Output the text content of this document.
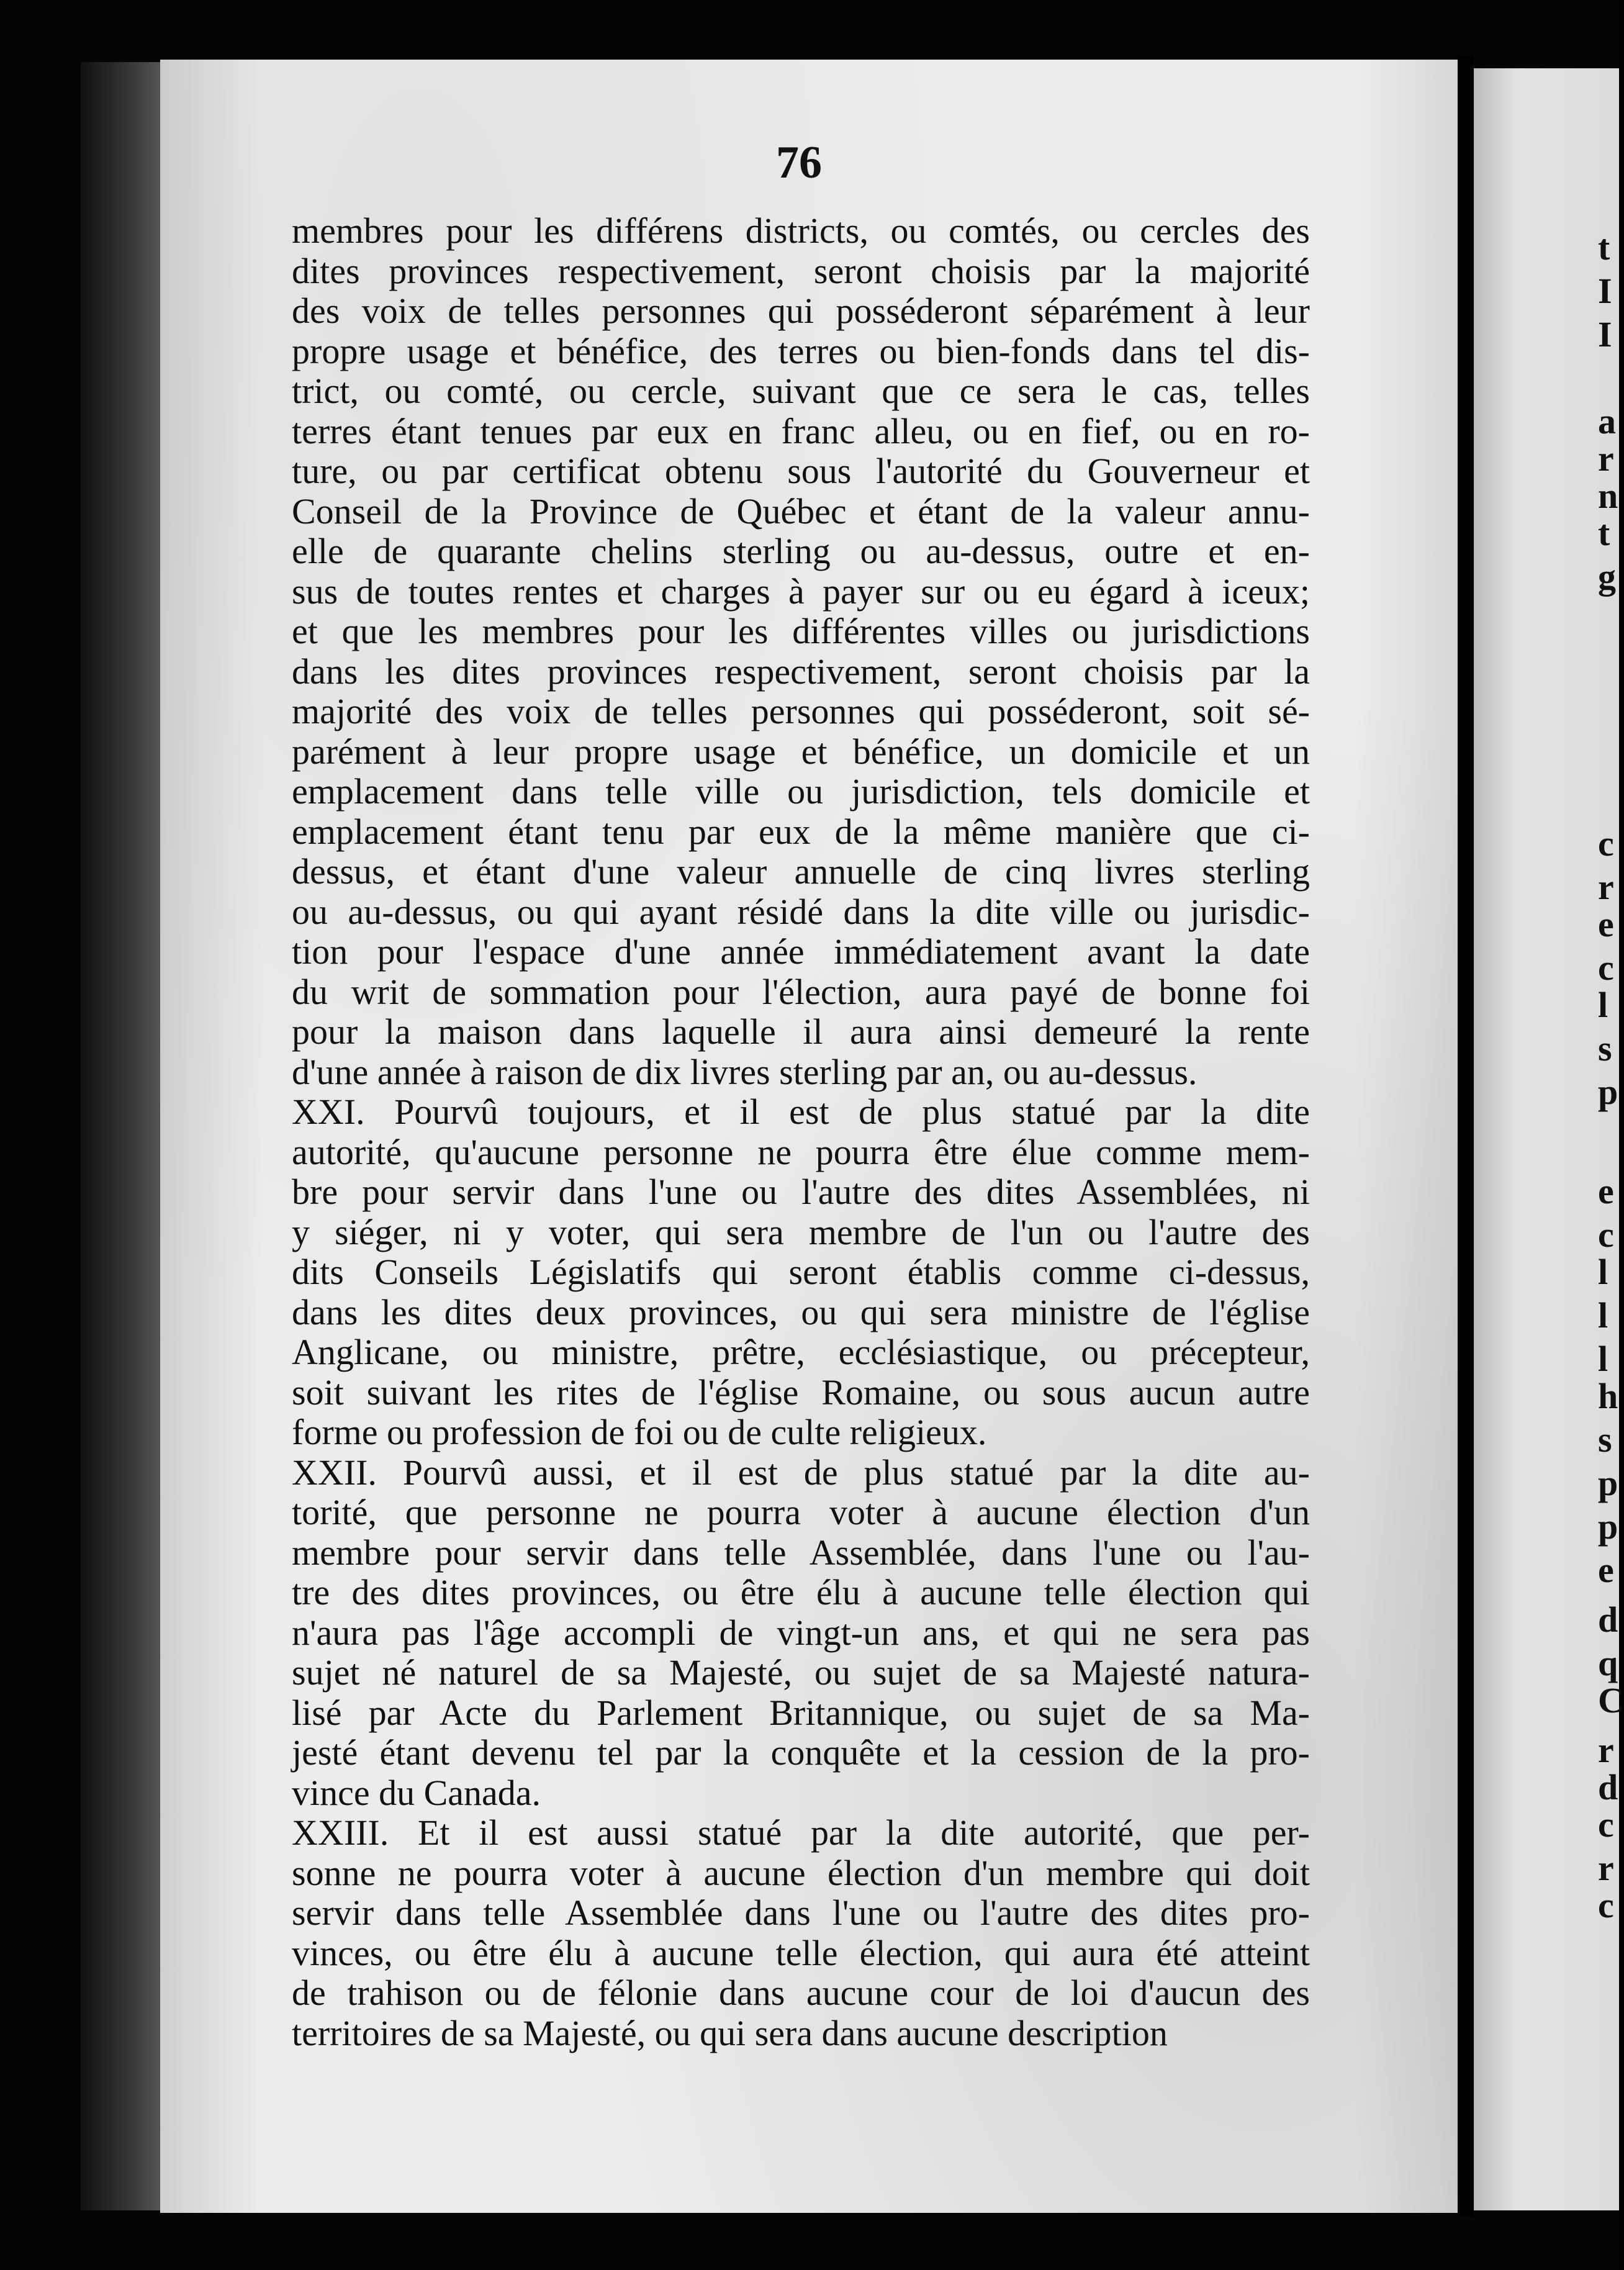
t
I
I
a
r
n
t
g
c
r
e
c
l
s
p
e
c
l
l
l
h
s
p
p
e
d
q
C
r
d
c
r
c
76
membres pour les différens districts, ou comtés, ou cercles des
dites provinces respectivement, seront choisis par la majorité
des voix de telles personnes qui posséderont séparément à leur
propre usage et bénéfice, des terres ou bien-fonds dans tel dis-
trict, ou comté, ou cercle, suivant que ce sera le cas, telles
terres étant tenues par eux en franc alleu, ou en fief, ou en ro-
ture, ou par certificat obtenu sous l'autorité du Gouverneur et
Conseil de la Province de Québec et étant de la valeur annu-
elle de quarante chelins sterling ou au-dessus, outre et en-
sus de toutes rentes et charges à payer sur ou eu égard à iceux;
et que les membres pour les différentes villes ou jurisdictions
dans les dites provinces respectivement, seront choisis par la
majorité des voix de telles personnes qui posséderont, soit sé-
parément à leur propre usage et bénéfice, un domicile et un
emplacement dans telle ville ou jurisdiction, tels domicile et
emplacement étant tenu par eux de la même manière que ci-
dessus, et étant d'une valeur annuelle de cinq livres sterling
ou au-dessus, ou qui ayant résidé dans la dite ville ou jurisdic-
tion pour l'espace d'une année immédiatement avant la date
du writ de sommation pour l'élection, aura payé de bonne foi
pour la maison dans laquelle il aura ainsi demeuré la rente
d'une année à raison de dix livres sterling par an, ou au-dessus.
XXI. Pourvû toujours, et il est de plus statué par la dite
autorité, qu'aucune personne ne pourra être élue comme mem-
bre pour servir dans l'une ou l'autre des dites Assemblées, ni
y siéger, ni y voter, qui sera membre de l'un ou l'autre des
dits Conseils Législatifs qui seront établis comme ci-dessus,
dans les dites deux provinces, ou qui sera ministre de l'église
Anglicane, ou ministre, prêtre, ecclésiastique, ou précepteur,
soit suivant les rites de l'église Romaine, ou sous aucun autre
forme ou profession de foi ou de culte religieux.
XXII. Pourvû aussi, et il est de plus statué par la dite au-
torité, que personne ne pourra voter à aucune élection d'un
membre pour servir dans telle Assemblée, dans l'une ou l'au-
tre des dites provinces, ou être élu à aucune telle élection qui
n'aura pas l'âge accompli de vingt-un ans, et qui ne sera pas
sujet né naturel de sa Majesté, ou sujet de sa Majesté natura-
lisé par Acte du Parlement Britannique, ou sujet de sa Ma-
jesté étant devenu tel par la conquête et la cession de la pro-
vince du Canada.
XXIII. Et il est aussi statué par la dite autorité, que per-
sonne ne pourra voter à aucune élection d'un membre qui doit
servir dans telle Assemblée dans l'une ou l'autre des dites pro-
vinces, ou être élu à aucune telle élection, qui aura été atteint
de trahison ou de félonie dans aucune cour de loi d'aucun des
territoires de sa Majesté, ou qui sera dans aucune description
